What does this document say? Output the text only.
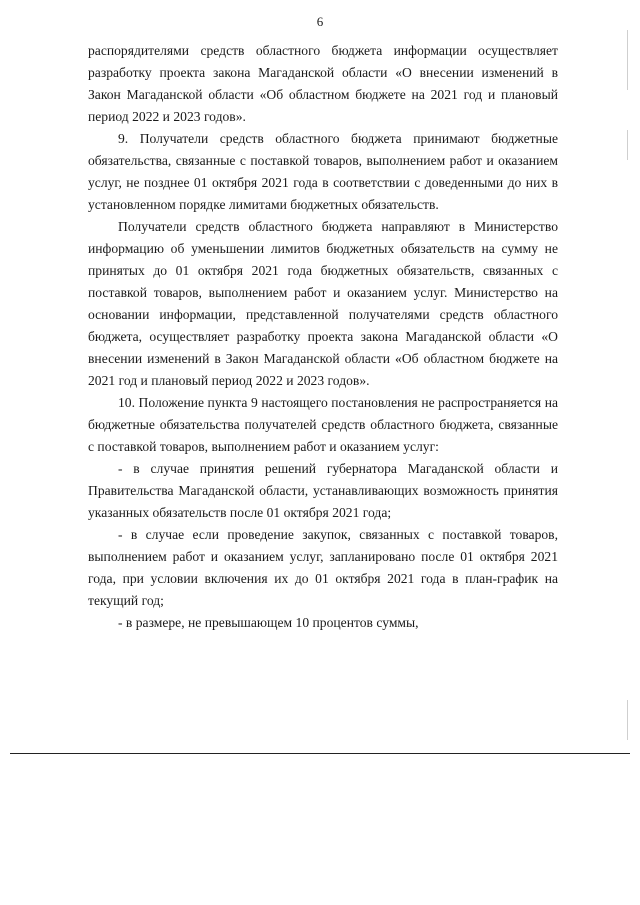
6

распорядителями средств областного бюджета информации осуществляет разработку проекта закона Магаданской области «О внесении изменений в Закон Магаданской области «Об областном бюджете на 2021 год и плановый период 2022 и 2023 годов».

9. Получатели средств областного бюджета принимают бюджетные обязательства, связанные с поставкой товаров, выполнением работ и оказанием услуг, не позднее 01 октября 2021 года в соответствии с доведенными до них в установленном порядке лимитами бюджетных обязательств.

Получатели средств областного бюджета направляют в Министерство информацию об уменьшении лимитов бюджетных обязательств на сумму не принятых до 01 октября 2021 года бюджетных обязательств, связанных с поставкой товаров, выполнением работ и оказанием услуг. Министерство на основании информации, представленной получателями средств областного бюджета, осуществляет разработку проекта закона Магаданской области «О внесении изменений в Закон Магаданской области «Об областном бюджете на 2021 год и плановый период 2022 и 2023 годов».

10. Положение пункта 9 настоящего постановления не распространяется на бюджетные обязательства получателей средств областного бюджета, связанные с поставкой товаров, выполнением работ и оказанием услуг:

- в случае принятия решений губернатора Магаданской области и Правительства Магаданской области, устанавливающих возможность принятия указанных обязательств после 01 октября 2021 года;

- в случае если проведение закупок, связанных с поставкой товаров, выполнением работ и оказанием услуг, запланировано после 01 октября 2021 года, при условии включения их до 01 октября 2021 года в план-график на текущий год;

- в размере, не превышающем 10 процентов суммы,
